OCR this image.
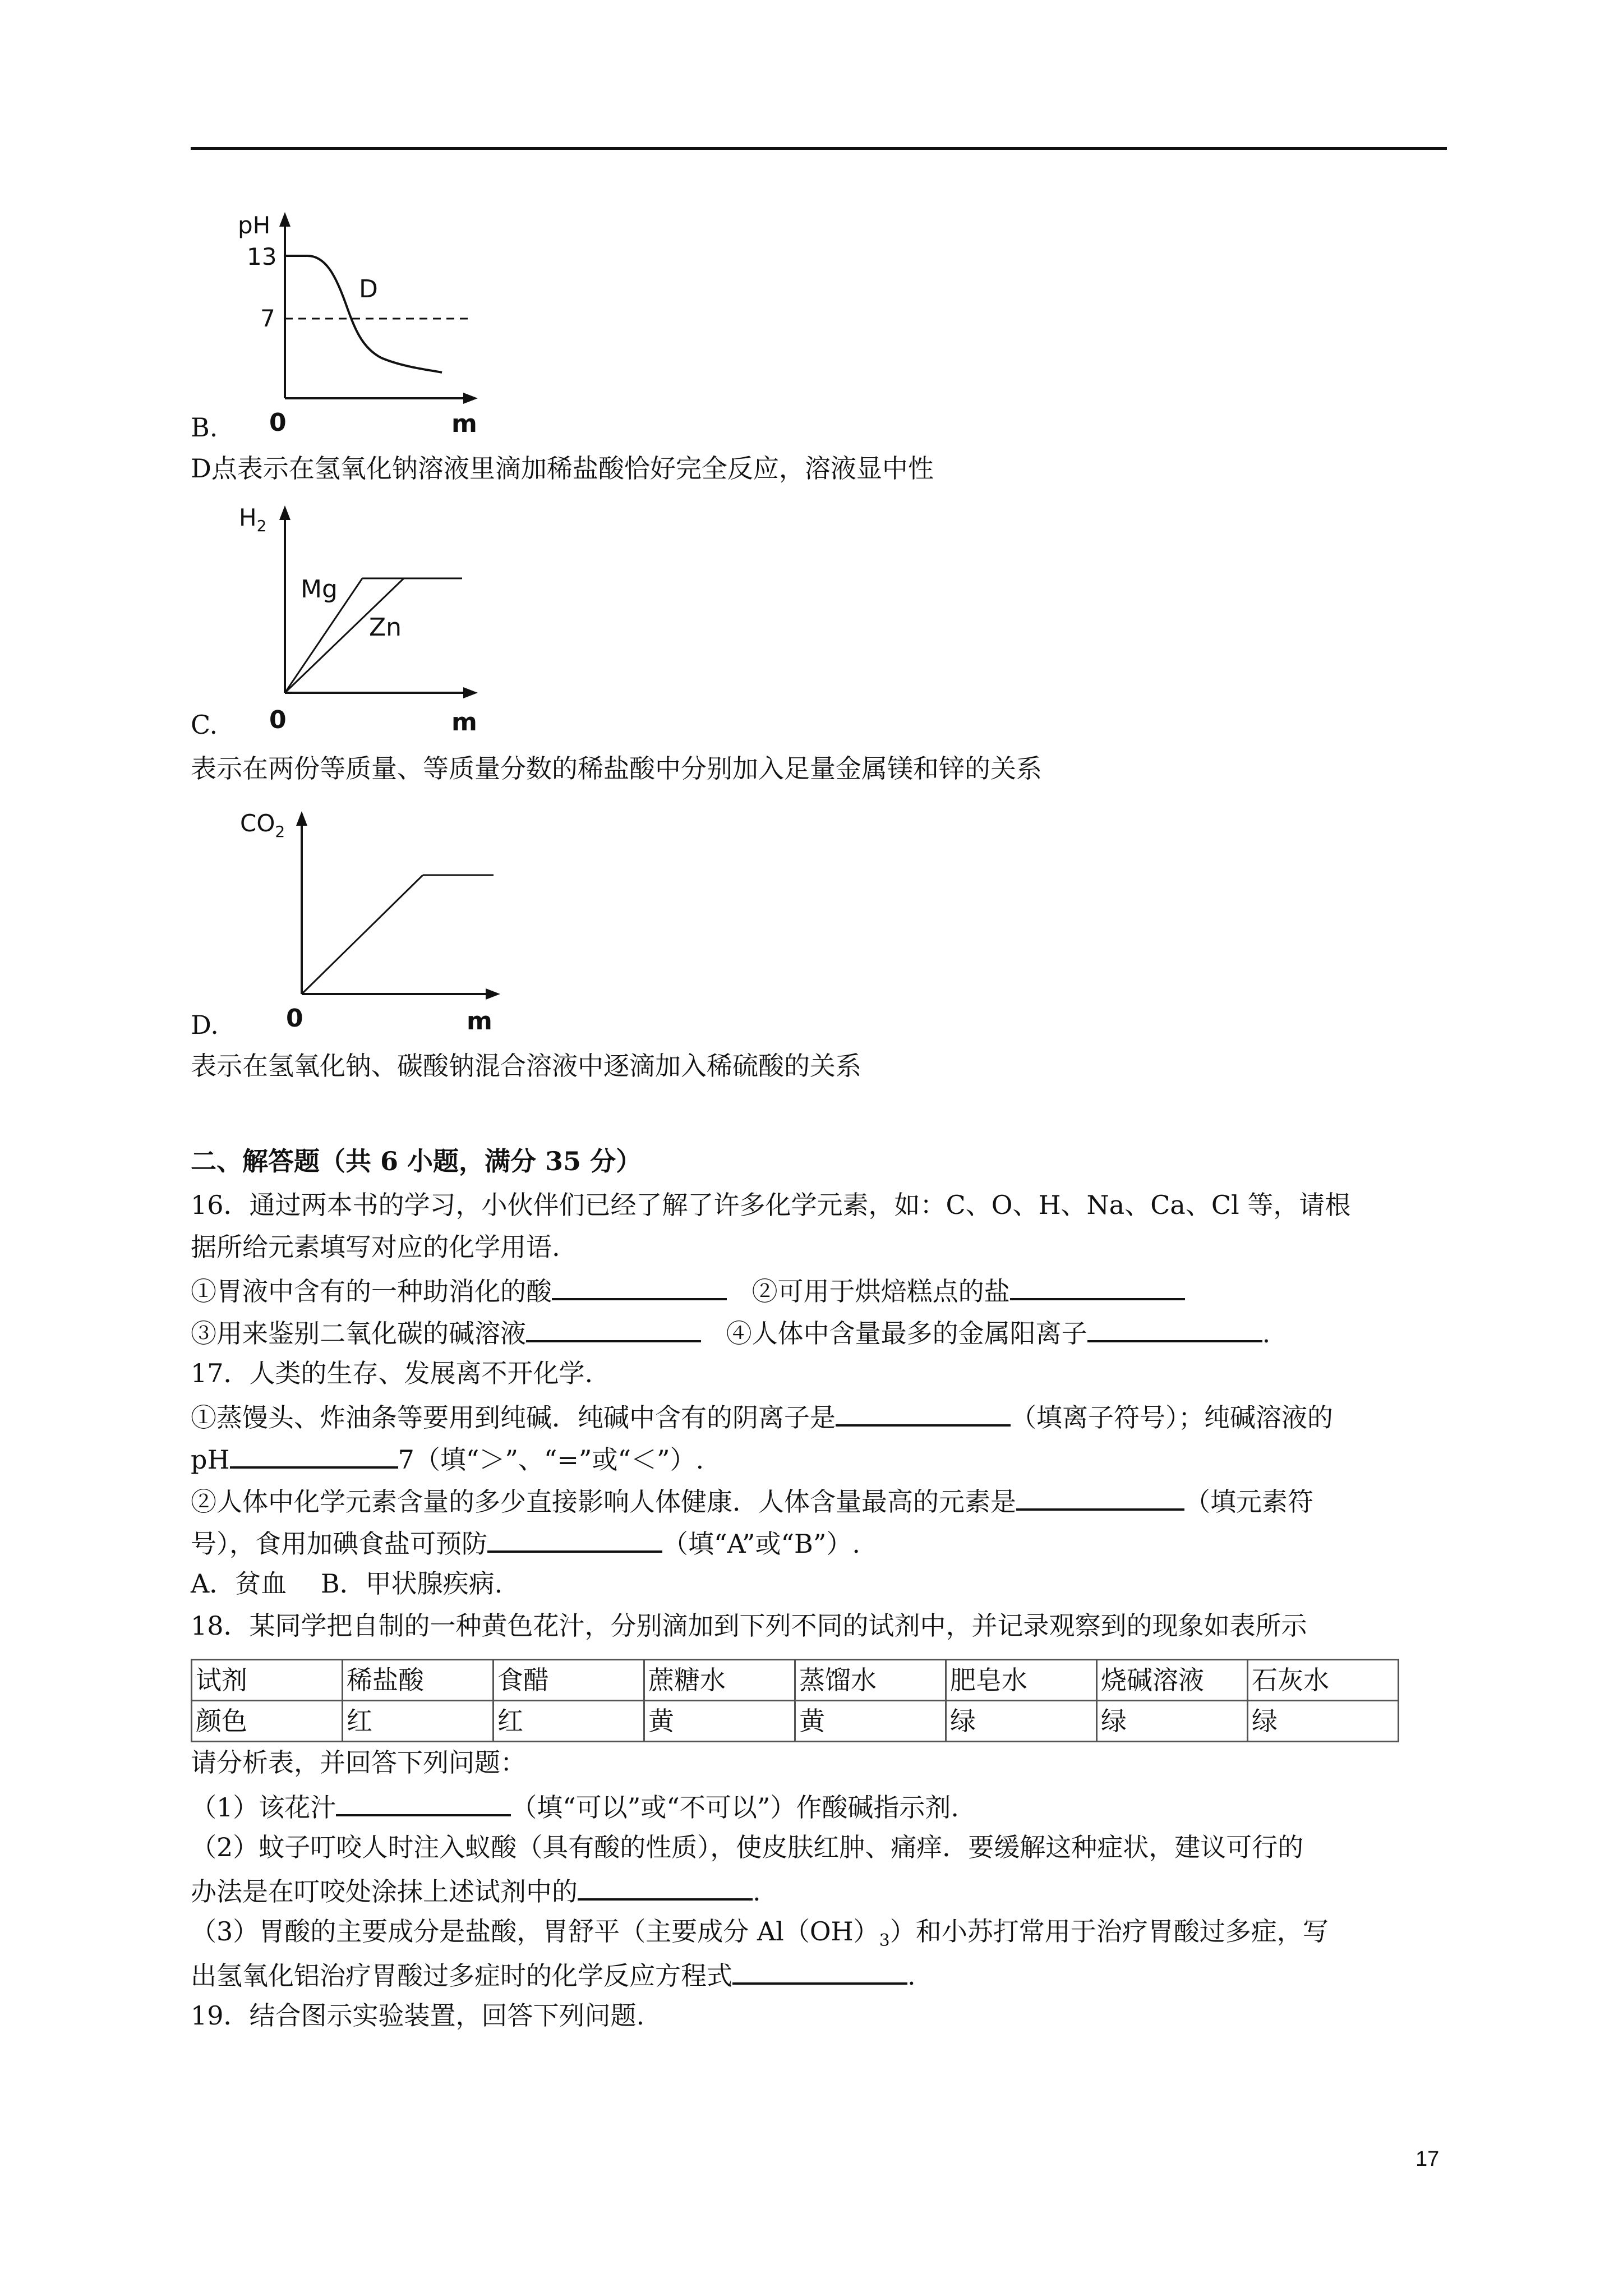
pH
13
7
D
B. 0	m
D点表示在氢氧化钠溶液里滴加稀盐酸恰好完全反应，溶液显中性
$H_2$
Mg
Zn
C. 0	m
表示在两份等质量、等质量分数的稀盐酸中分别加入足量金属镁和锌的关系
$CO_2$
D.	0	m
表示在氢氧化钠、碳酸钠混合溶液中逐滴加入稀硫酸的关系
二、解答题（共 6 小题，满分 35 分）
16．通过两本书的学习，小伙伴们已经了解了许多化学元素，如：C、O、H、Na、Ca、Cl 等，请根
据所给元素填写对应的化学用语.
①胃液中含有的一种助消化的酸	②可用于烘焙糕点的盐
③用来鉴别二氧化碳的碱溶液	④人体中含量最多的金属阳离子	.
17．人类的生存、发展离不开化学.
①蒸馒头、炸油条等要用到纯碱．纯碱中含有的阴离子是	（填离子符号）；纯碱溶液的
pH	7（填“＞”、“=”或“＜”）.
②人体中化学元素含量的多少直接影响人体健康．人体含量最高的元素是	（填元素符
号），食用加碘食盐可预防	（填“A”或“B”）.
A．贫血　 B．甲状腺疾病.
18．某同学把自制的一种黄色花汁，分别滴加到下列不同的试剂中，并记录观察到的现象如表所示
试剂	稀盐酸	食醋	蔗糖水	蒸馏水	肥皂水	烧碱溶液	石灰水
颜色	红	红	黄	黄	绿	绿	绿
请分析表，并回答下列问题：
（1）该花汁	（填“可以”或“不可以”）作酸碱指示剂.
（2）蚊子叮咬人时注入蚁酸（具有酸的性质），使皮肤红肿、痛痒．要缓解这种症状，建议可行的
办法是在叮咬处涂抹上述试剂中的	.
（3）胃酸的主要成分是盐酸，胃舒平（主要成分 $Al(OH)_3$）和小苏打常用于治疗胃酸过多症，写
出氢氧化铝治疗胃酸过多症时的化学反应方程式	.
19．结合图示实验装置，回答下列问题.
17
